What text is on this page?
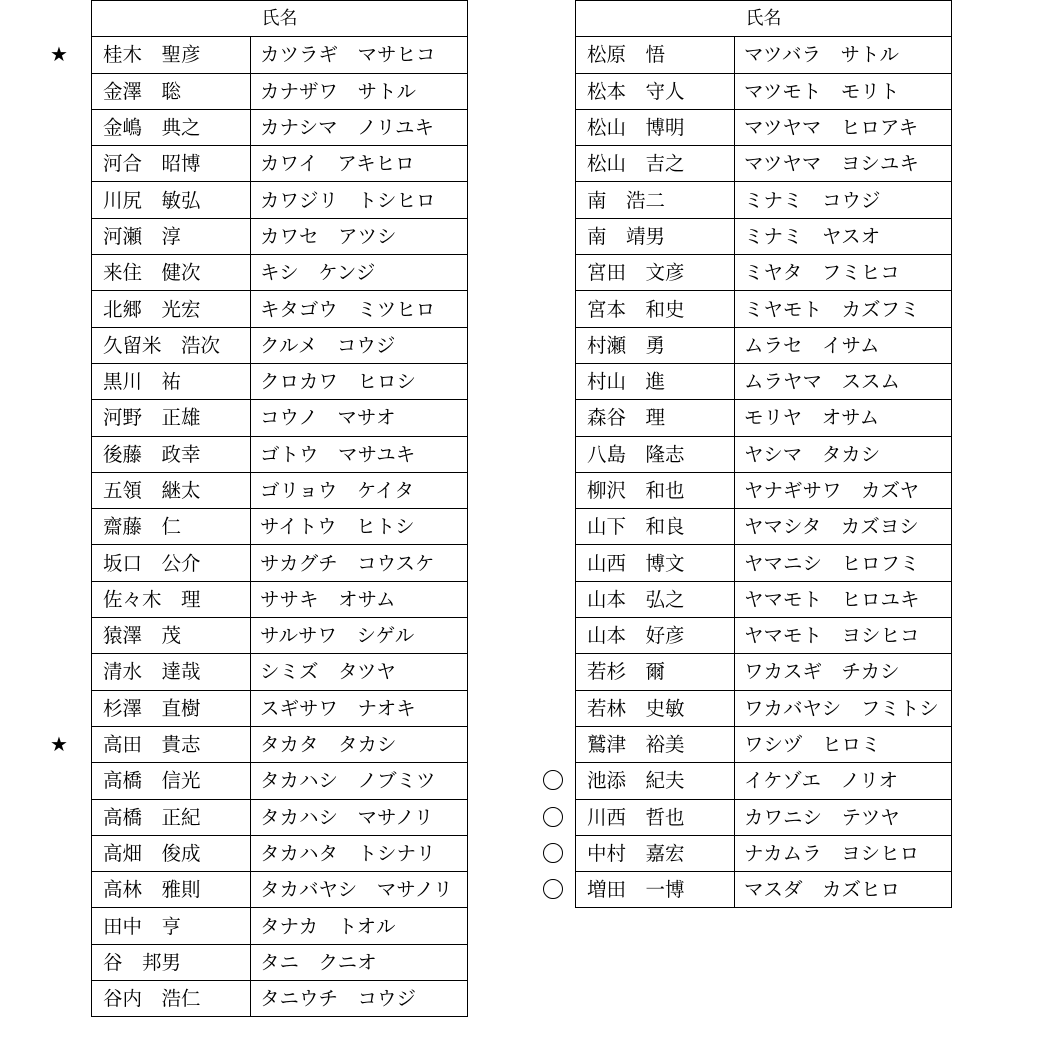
氏名	

★ 桂木　聖彦	カツラギ　マサヒコ
金澤　聡	カナザワ　サトル
金嶋　典之	カナシマ　ノリユキ
河合　昭博	カワイ　アキヒロ
川尻　敏弘	カワジリ　トシヒロ
河瀬　淳	カワセ　アツシ
来住　健次	キシ　ケンジ
北郷　光宏	キタゴウ　ミツヒロ
久留米　浩次	クルメ　コウジ
黒川　祐	クロカワ　ヒロシ
河野　正雄	コウノ　マサオ
後藤　政幸	ゴトウ　マサユキ
五領　継太	ゴリョウ　ケイタ
齋藤　仁	サイトウ　ヒトシ
坂口　公介	サカグチ　コウスケ
佐々木　理	ササキ　オサム
猿澤　茂	サルサワ　シゲル
清水　達哉	シミズ　タツヤ
杉澤　直樹	スギサワ　ナオキ

★ 高田　貴志	タカタ　タカシ
高橋　信光	タカハシ　ノブミツ
高橋　正紀	タカハシ　マサノリ
高畑　俊成	タカハタ　トシナリ
高林　雅則	タカバヤシ　マサノリ
田中　亨	タナカ　トオル
谷　邦男	タニ　クニオ
谷内　浩仁	タニウチ　コウジ
氏名	
松原　悟	マツバラ　サトル
松本　守人	マツモト　モリト
松山　博明	マツヤマ　ヒロアキ
松山　吉之	マツヤマ　ヨシユキ
南　浩二	ミナミ　コウジ
南　靖男	ミナミ　ヤスオ
宮田　文彦	ミヤタ　フミヒコ
宮本　和史	ミヤモト　カズフミ
村瀬　勇	ムラセ　イサム
村山　進	ムラヤマ　ススム
森谷　理	モリヤ　オサム
八島　隆志	ヤシマ　タカシ
柳沢　和也	ヤナギサワ　カズヤ
山下　和良	ヤマシタ　カズヨシ
山西　博文	ヤマニシ　ヒロフミ
山本　弘之	ヤマモト　ヒロユキ
山本　好彦	ヤマモト　ヨシヒコ
若杉　爾	ワカスギ　チカシ
若林　史敏	ワカバヤシ　フミトシ
鷲津　裕美	ワシヅ　ヒロミ

池添　紀夫	イケゾエ　ノリオ

川西　哲也	カワニシ　テツヤ

中村　嘉宏	ナカムラ　ヨシヒロ

増田　一博	マスダ　カズヒロ
